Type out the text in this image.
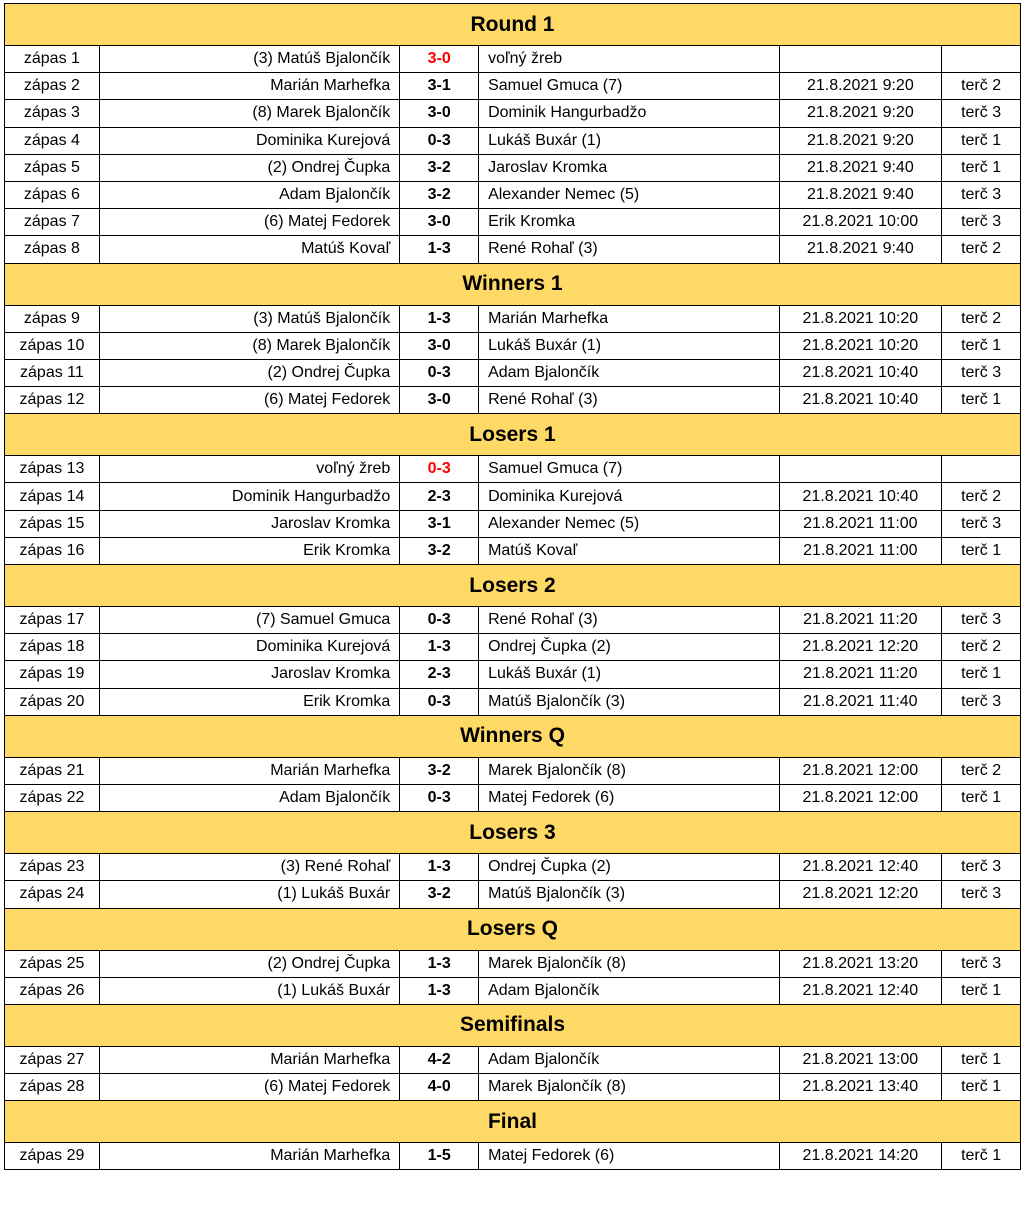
Round 1
zápas 1	(3) Matúš Bjalončík	3-0	voľný žreb
zápas 2	Marián Marhefka	3-1	Samuel Gmuca (7)	21.8.2021 9:20	terč 2
zápas 3	(8) Marek Bjalončík	3-0	Dominik Hangurbadžo	21.8.2021 9:20	terč 3
zápas 4	Dominika Kurejová	0-3	Lukáš Buxár (1)	21.8.2021 9:20	terč 1
zápas 5	(2) Ondrej Čupka	3-2	Jaroslav Kromka	21.8.2021 9:40	terč 1
zápas 6	Adam Bjalončík	3-2	Alexander Nemec (5)	21.8.2021 9:40	terč 3
zápas 7	(6) Matej Fedorek	3-0	Erik Kromka	21.8.2021 10:00	terč 3
zápas 8	Matúš Kovaľ	1-3	René Rohaľ (3)	21.8.2021 9:40	terč 2
Winners 1
zápas 9	(3) Matúš Bjalončík	1-3	Marián Marhefka	21.8.2021 10:20	terč 2
zápas 10	(8) Marek Bjalončík	3-0	Lukáš Buxár (1)	21.8.2021 10:20	terč 1
zápas 11	(2) Ondrej Čupka	0-3	Adam Bjalončík	21.8.2021 10:40	terč 3
zápas 12	(6) Matej Fedorek	3-0	René Rohaľ (3)	21.8.2021 10:40	terč 1
Losers 1
zápas 13	voľný žreb	0-3	Samuel Gmuca (7)
zápas 14	Dominik Hangurbadžo	2-3	Dominika Kurejová	21.8.2021 10:40	terč 2
zápas 15	Jaroslav Kromka	3-1	Alexander Nemec (5)	21.8.2021 11:00	terč 3
zápas 16	Erik Kromka	3-2	Matúš Kovaľ	21.8.2021 11:00	terč 1
Losers 2
zápas 17	(7) Samuel Gmuca	0-3	René Rohaľ (3)	21.8.2021 11:20	terč 3
zápas 18	Dominika Kurejová	1-3	Ondrej Čupka (2)	21.8.2021 12:20	terč 2
zápas 19	Jaroslav Kromka	2-3	Lukáš Buxár (1)	21.8.2021 11:20	terč 1
zápas 20	Erik Kromka	0-3	Matúš Bjalončík (3)	21.8.2021 11:40	terč 3
Winners Q
zápas 21	Marián Marhefka	3-2	Marek Bjalončík (8)	21.8.2021 12:00	terč 2
zápas 22	Adam Bjalončík	0-3	Matej Fedorek (6)	21.8.2021 12:00	terč 1
Losers 3
zápas 23	(3) René Rohaľ	1-3	Ondrej Čupka (2)	21.8.2021 12:40	terč 3
zápas 24	(1) Lukáš Buxár	3-2	Matúš Bjalončík (3)	21.8.2021 12:20	terč 3
Losers Q
zápas 25	(2) Ondrej Čupka	1-3	Marek Bjalončík (8)	21.8.2021 13:20	terč 3
zápas 26	(1) Lukáš Buxár	1-3	Adam Bjalončík	21.8.2021 12:40	terč 1
Semifinals
zápas 27	Marián Marhefka	4-2	Adam Bjalončík	21.8.2021 13:00	terč 1
zápas 28	(6) Matej Fedorek	4-0	Marek Bjalončík (8)	21.8.2021 13:40	terč 1
Final
zápas 29	Marián Marhefka	1-5	Matej Fedorek (6)	21.8.2021 14:20	terč 1
